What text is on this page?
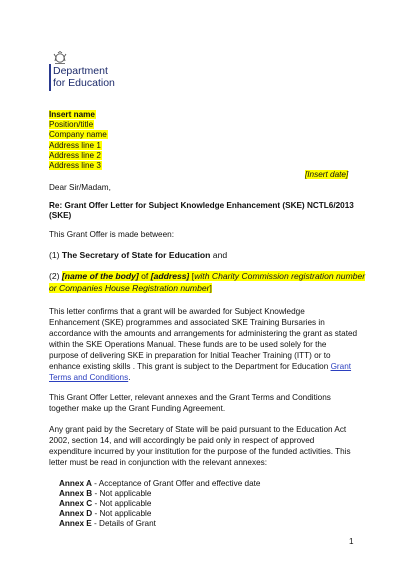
Department
for Education
Insert name
Position/title
Company name
Address line 1
Address line 2
Address line 3
[Insert date]
Dear Sir/Madam,
Re: Grant Offer Letter for Subject Knowledge Enhancement (SKE) NCTL6/2013
(SKE)
This Grant Offer is made between:
(1) The Secretary of State for Education and
(2) [name of the body] of [address] [with Charity Commission registration number
or Companies House Registration number]
This letter confirms that a grant will be awarded for Subject Knowledge
Enhancement (SKE) programmes and associated SKE Training Bursaries in
accordance with the amounts and arrangements for administering the grant as stated
within the SKE Operations Manual. These funds are to be used solely for the
purpose of delivering SKE in preparation for Initial Teacher Training (ITT) or to
enhance existing skills . This grant is subject to the Department for Education Grant
Terms and Conditions.
This Grant Offer Letter, relevant annexes and the Grant Terms and Conditions
together make up the Grant Funding Agreement.
Any grant paid by the Secretary of State will be paid pursuant to the Education Act
2002, section 14, and will accordingly be paid only in respect of approved
expenditure incurred by your institution for the purpose of the funded activities. This
letter must be read in conjunction with the relevant annexes:
Annex A - Acceptance of Grant Offer and effective date
Annex B - Not applicable
Annex C - Not applicable
Annex D - Not applicable
Annex E - Details of Grant
1
